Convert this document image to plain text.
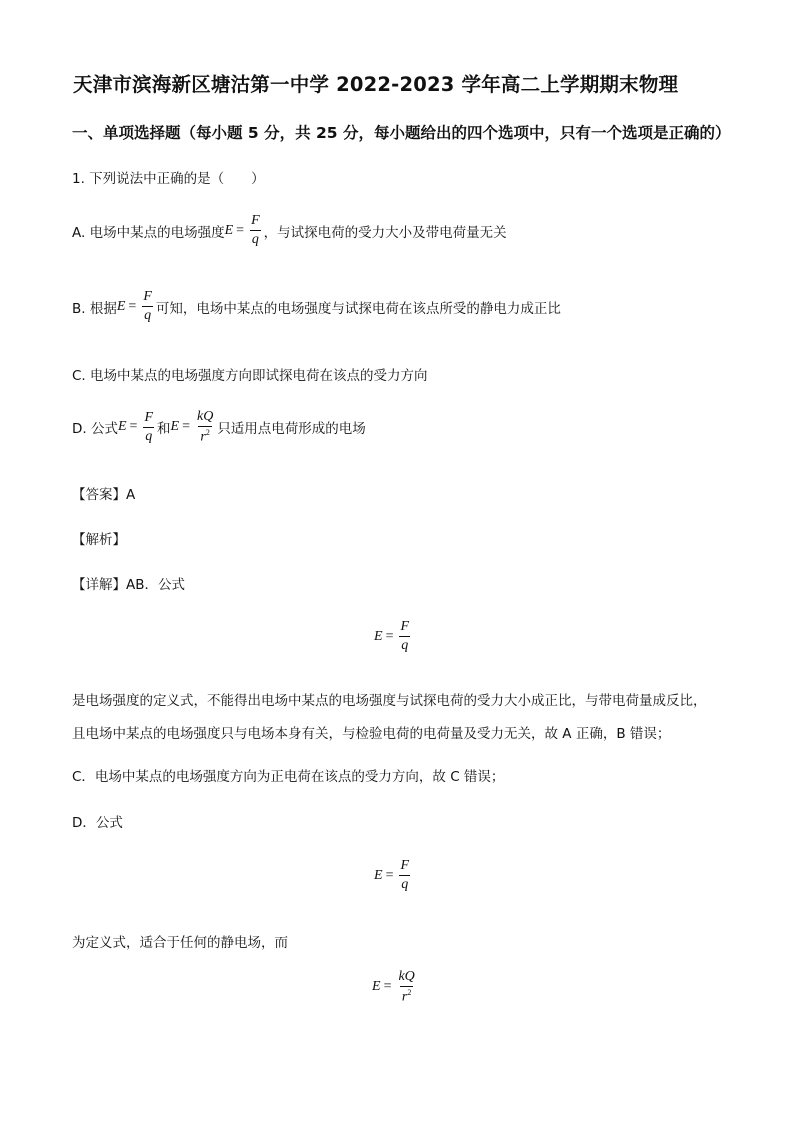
天津市滨海新区塘沽第一中学 2022-2023 学年高二上学期期末物理
一、单项选择题（每小题 5 分，共 25 分，每小题给出的四个选项中，只有一个选项是正确的）
1. 下列说法中正确的是（　　）
A. 电场中某点的电场强度 $E = \frac{F}{q}$ ，与试探电荷的受力大小及带电荷量无关
B. 根据 $E = \frac{F}{q}$ 可知，电场中某点的电场强度与试探电荷在该点所受的静电力成正比
C. 电场中某点的电场强度方向即试探电荷在该点的受力方向
D. 公式 $E = \frac{F}{q}$ 和 $E = \frac{kQ}{r^2}$ 只适用点电荷形成的电场
【答案】A
【解析】
【详解】AB．公式
$E = \frac{F}{q}$
是电场强度的定义式，不能得出电场中某点的电场强度与试探电荷的受力大小成正比，与带电荷量成反比，
且电场中某点的电场强度只与电场本身有关，与检验电荷的电荷量及受力无关，故 A 正确，B 错误；
C．电场中某点的电场强度方向为正电荷在该点的受力方向，故 C 错误；
D．公式
$E = \frac{F}{q}$
为定义式，适合于任何的静电场，而
$E = \frac{kQ}{r^2}$
